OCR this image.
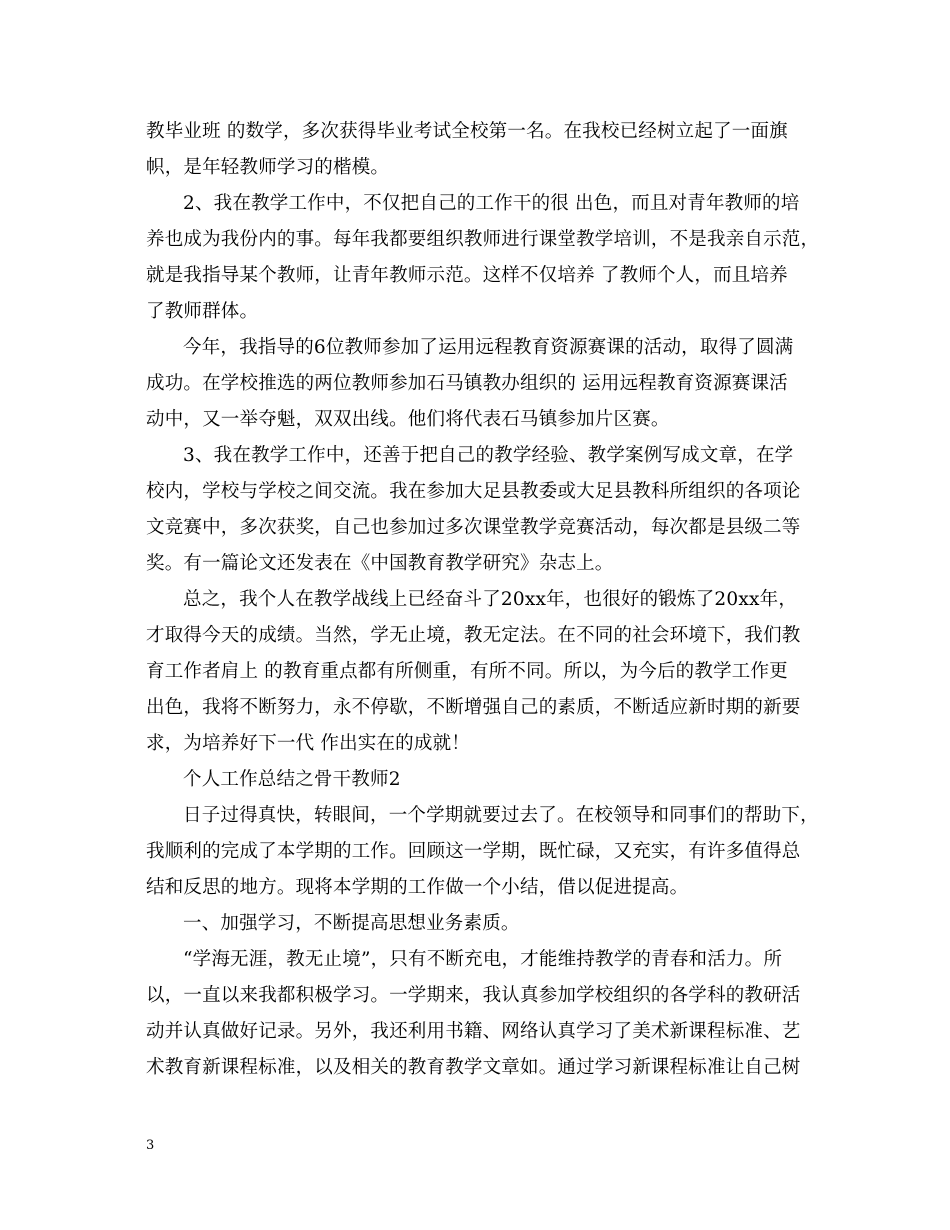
教毕业班 的数学，多次获得毕业考试全校第一名。在我校已经树立起了一面旗
帜，是年轻教师学习的楷模。
2、我在教学工作中，不仅把自己的工作干的很 出色，而且对青年教师的培
养也成为我份内的事。每年我都要组织教师进行课堂教学培训，不是我亲自示范，
就是我指导某个教师，让青年教师示范。这样不仅培养 了教师个人，而且培养
了教师群体。
今年，我指导的6位教师参加了运用远程教育资源赛课的活动，取得了圆满
成功。在学校推选的两位教师参加石马镇教办组织的 运用远程教育资源赛课活
动中，又一举夺魁，双双出线。他们将代表石马镇参加片区赛。
3、我在教学工作中，还善于把自己的教学经验、教学案例写成文章，在学
校内，学校与学校之间交流。我在参加大足县教委或大足县教科所组织的各项论
文竞赛中，多次获奖，自己也参加过多次课堂教学竞赛活动，每次都是县级二等
奖。有一篇论文还发表在《中国教育教学研究》杂志上。
总之，我个人在教学战线上已经奋斗了20xx年，也很好的锻炼了20xx年，
才取得今天的成绩。当然，学无止境，教无定法。在不同的社会环境下，我们教
育工作者肩上 的教育重点都有所侧重，有所不同。所以，为今后的教学工作更
出色，我将不断努力，永不停歇，不断增强自己的素质，不断适应新时期的新要
求，为培养好下一代 作出实在的成就！
个人工作总结之骨干教师2
日子过得真快，转眼间，一个学期就要过去了。在校领导和同事们的帮助下，
我顺利的完成了本学期的工作。回顾这一学期，既忙碌，又充实，有许多值得总
结和反思的地方。现将本学期的工作做一个小结，借以促进提高。
一、加强学习，不断提高思想业务素质。
“学海无涯，教无止境”，只有不断充电，才能维持教学的青春和活力。所
以，一直以来我都积极学习。一学期来，我认真参加学校组织的各学科的教研活
动并认真做好记录。另外，我还利用书籍、网络认真学习了美术新课程标准、艺
术教育新课程标准，以及相关的教育教学文章如。通过学习新课程标准让自己树
3
